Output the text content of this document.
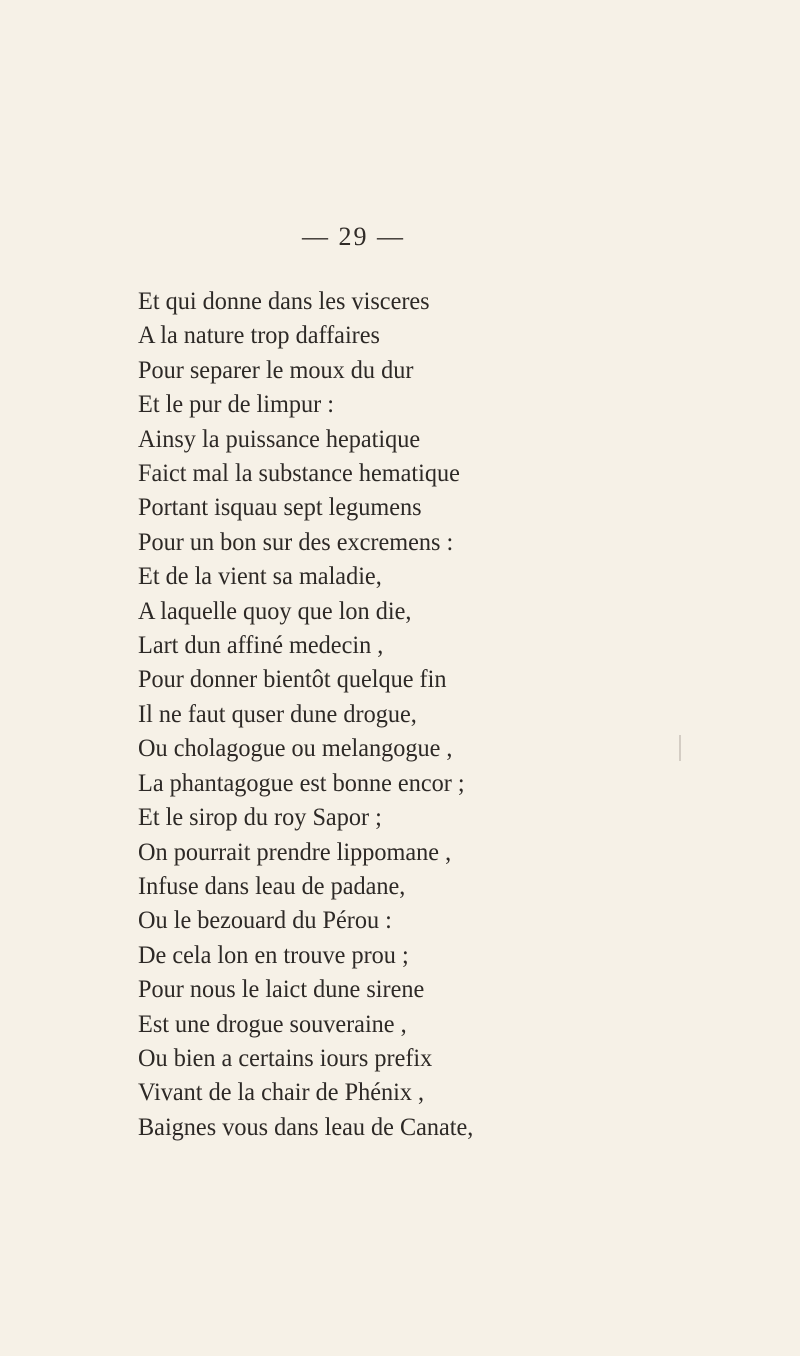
— 29 —
Et qui donne dans les visceres
A la nature trop daffaires
Pour separer le moux du dur
Et le pur de limpur :
Ainsy la puissance hepatique
Faict mal la substance hematique
Portant isquau sept legumens
Pour un bon sur des excremens :
Et de la vient sa maladie,
A laquelle quoy que lon die,
Lart dun affiné medecin ,
Pour donner bientôt quelque fin
Il ne faut quser dune drogue,
Ou cholagogue ou melangogue ,
La phantagogue est bonne encor ;
Et le sirop du roy Sapor ;
On pourrait prendre lippomane ,
Infuse dans leau de padane,
Ou le bezouard du Pérou :
De cela lon en trouve prou ;
Pour nous le laict dune sirene
Est une drogue souveraine ,
Ou bien a certains iours prefix
Vivant de la chair de Phénix ,
Baignes vous dans leau de Canate,
